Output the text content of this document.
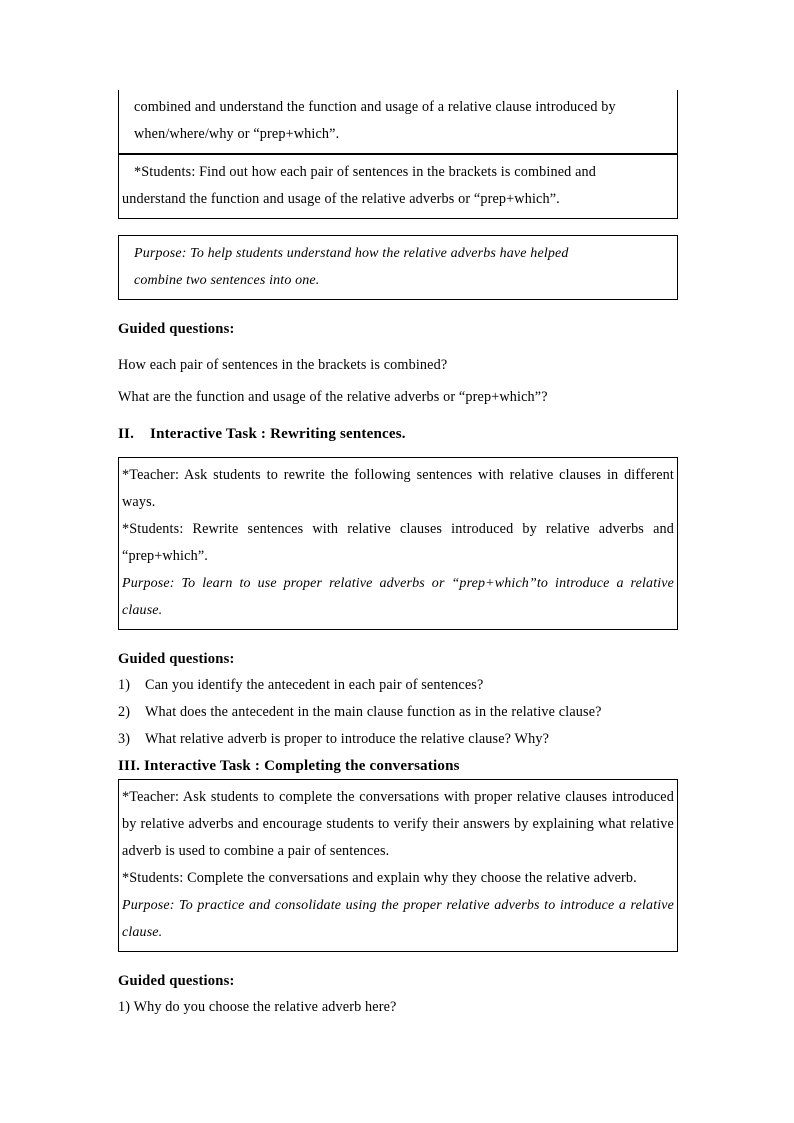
combined and understand the function and usage of a relative clause introduced by

when/where/why or “prep+which”.

*Students: Find out how each pair of sentences in the brackets is combined and

understand the function and usage of the relative adverbs or “prep+which”.

Purpose: To help students understand how the relative adverbs have helped

combine two sentences into one.

Guided questions:

How each pair of sentences in the brackets is combined?

What are the function and usage of the relative adverbs or “prep+which”?

II. Interactive Task : Rewriting sentences.

*Teacher: Ask students to rewrite the following sentences with relative clauses in different ways.

*Students: Rewrite sentences with relative clauses introduced by relative adverbs and “prep+which”.

Purpose: To learn to use proper relative adverbs or “prep+which”to introduce a relative clause.

Guided questions:

1)	Can you identify the antecedent in each pair of sentences?
2)	What does the antecedent in the main clause function as in the relative clause?
3)	What relative adverb is proper to introduce the relative clause? Why?

III. Interactive Task : Completing the conversations

*Teacher: Ask students to complete the conversations with proper relative clauses introduced by relative adverbs and encourage students to verify their answers by explaining what relative adverb is used to combine a pair of sentences.

*Students: Complete the conversations and explain why they choose the relative adverb.

Purpose: To practice and consolidate using the proper relative adverbs to introduce a relative clause.

Guided questions:

1) Why do you choose the relative adverb here?
